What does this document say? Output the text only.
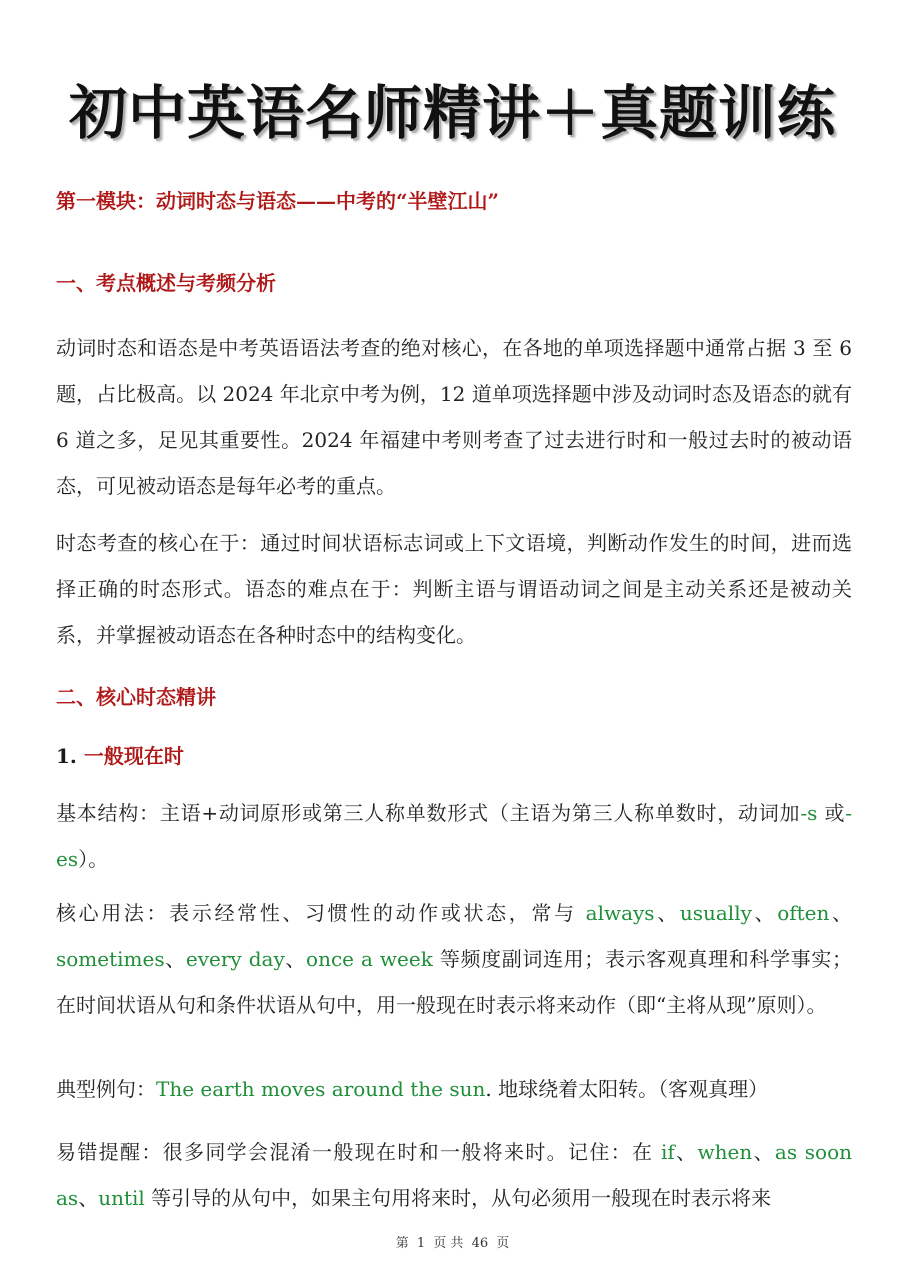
初中英语名师精讲＋真题训练
第一模块：动词时态与语态——中考的“半壁江山”
一、考点概述与考频分析
动词时态和语态是中考英语语法考查的绝对核心，在各地的单项选择题中通常占据 3 至 6 题，占比极高。以 2024 年北京中考为例，12 道单项选择题中涉及动词时态及语态的就有 6 道之多，足见其重要性。2024 年福建中考则考查了过去进行时和一般过去时的被动语态，可见被动语态是每年必考的重点。
时态考查的核心在于：通过时间状语标志词或上下文语境，判断动作发生的时间，进而选择正确的时态形式。语态的难点在于：判断主语与谓语动词之间是主动关系还是被动关系，并掌握被动语态在各种时态中的结构变化。
二、核心时态精讲
1. 一般现在时
基本结构：主语+动词原形或第三人称单数形式（主语为第三人称单数时，动词加-s 或-es）。
核心用法：表示经常性、习惯性的动作或状态，常与 always、usually、often、sometimes、every day、once a week 等频度副词连用；表示客观真理和科学事实；在时间状语从句和条件状语从句中，用一般现在时表示将来动作（即“主将从现”原则）。
典型例句：The earth moves around the sun. 地球绕着太阳转。（客观真理）
易错提醒：很多同学会混淆一般现在时和一般将来时。记住：在 if、when、as soon as、until 等引导的从句中，如果主句用将来时，从句必须用一般现在时表示将来
第 1 页 共 46 页
